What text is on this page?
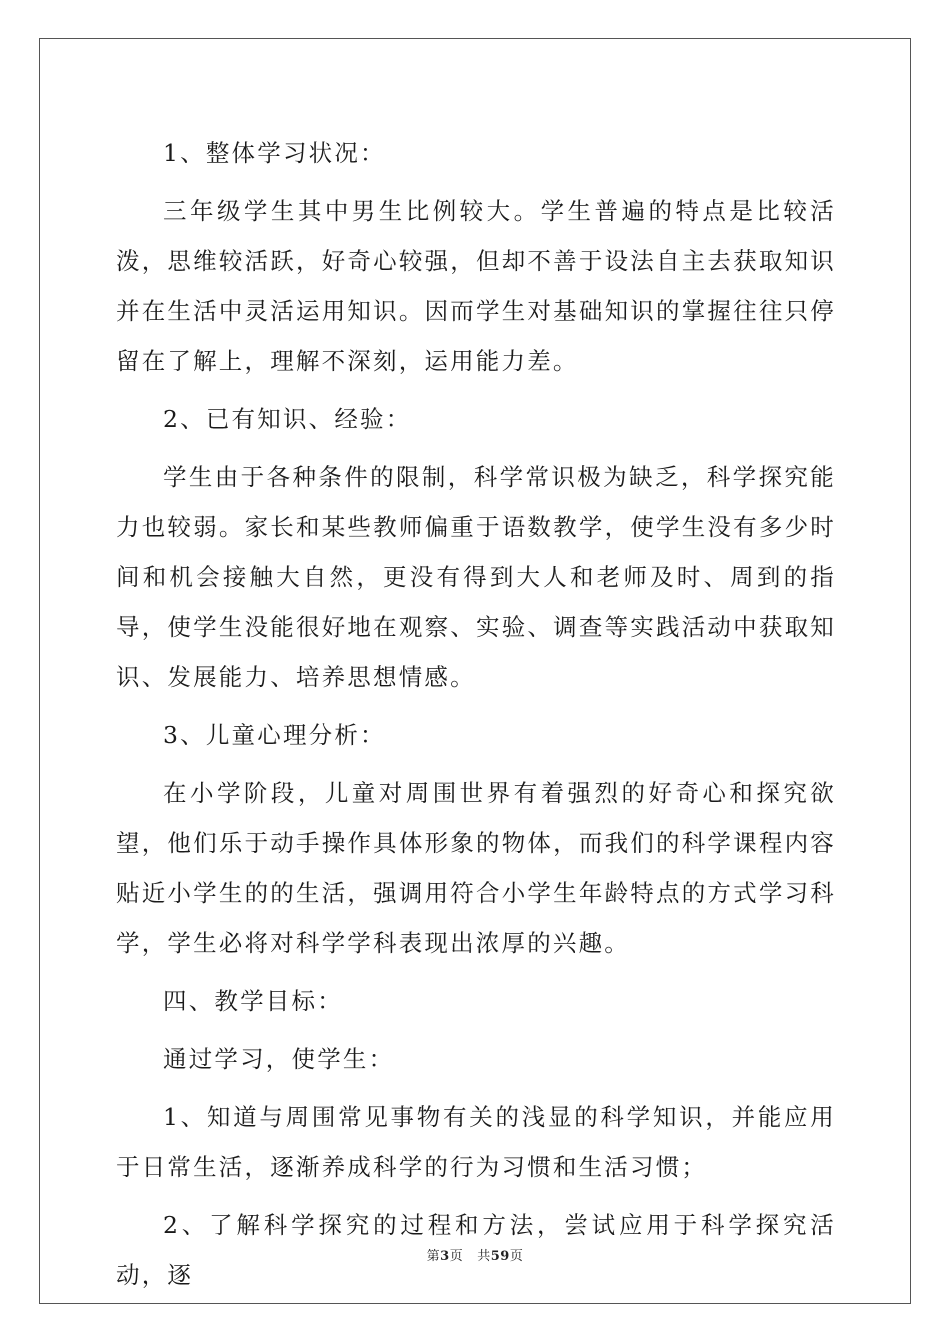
1、整体学习状况：

三年级学生其中男生比例较大。学生普遍的特点是比较活泼，思维较活跃，好奇心较强，但却不善于设法自主去获取知识并在生活中灵活运用知识。因而学生对基础知识的掌握往往只停留在了解上，理解不深刻，运用能力差。

2、已有知识、经验：

学生由于各种条件的限制，科学常识极为缺乏，科学探究能力也较弱。家长和某些教师偏重于语数教学，使学生没有多少时间和机会接触大自然，更没有得到大人和老师及时、周到的指导，使学生没能很好地在观察、实验、调查等实践活动中获取知识、发展能力、培养思想情感。

3、儿童心理分析：

在小学阶段，儿童对周围世界有着强烈的好奇心和探究欲望，他们乐于动手操作具体形象的物体，而我们的科学课程内容贴近小学生的的生活，强调用符合小学生年龄特点的方式学习科学，学生必将对科学学科表现出浓厚的兴趣。

四、教学目标：

通过学习，使学生：

1、知道与周围常见事物有关的浅显的科学知识，并能应用于日常生活，逐渐养成科学的行为习惯和生活习惯；

2、了解科学探究的过程和方法，尝试应用于科学探究活动，逐

第3页 共59页
